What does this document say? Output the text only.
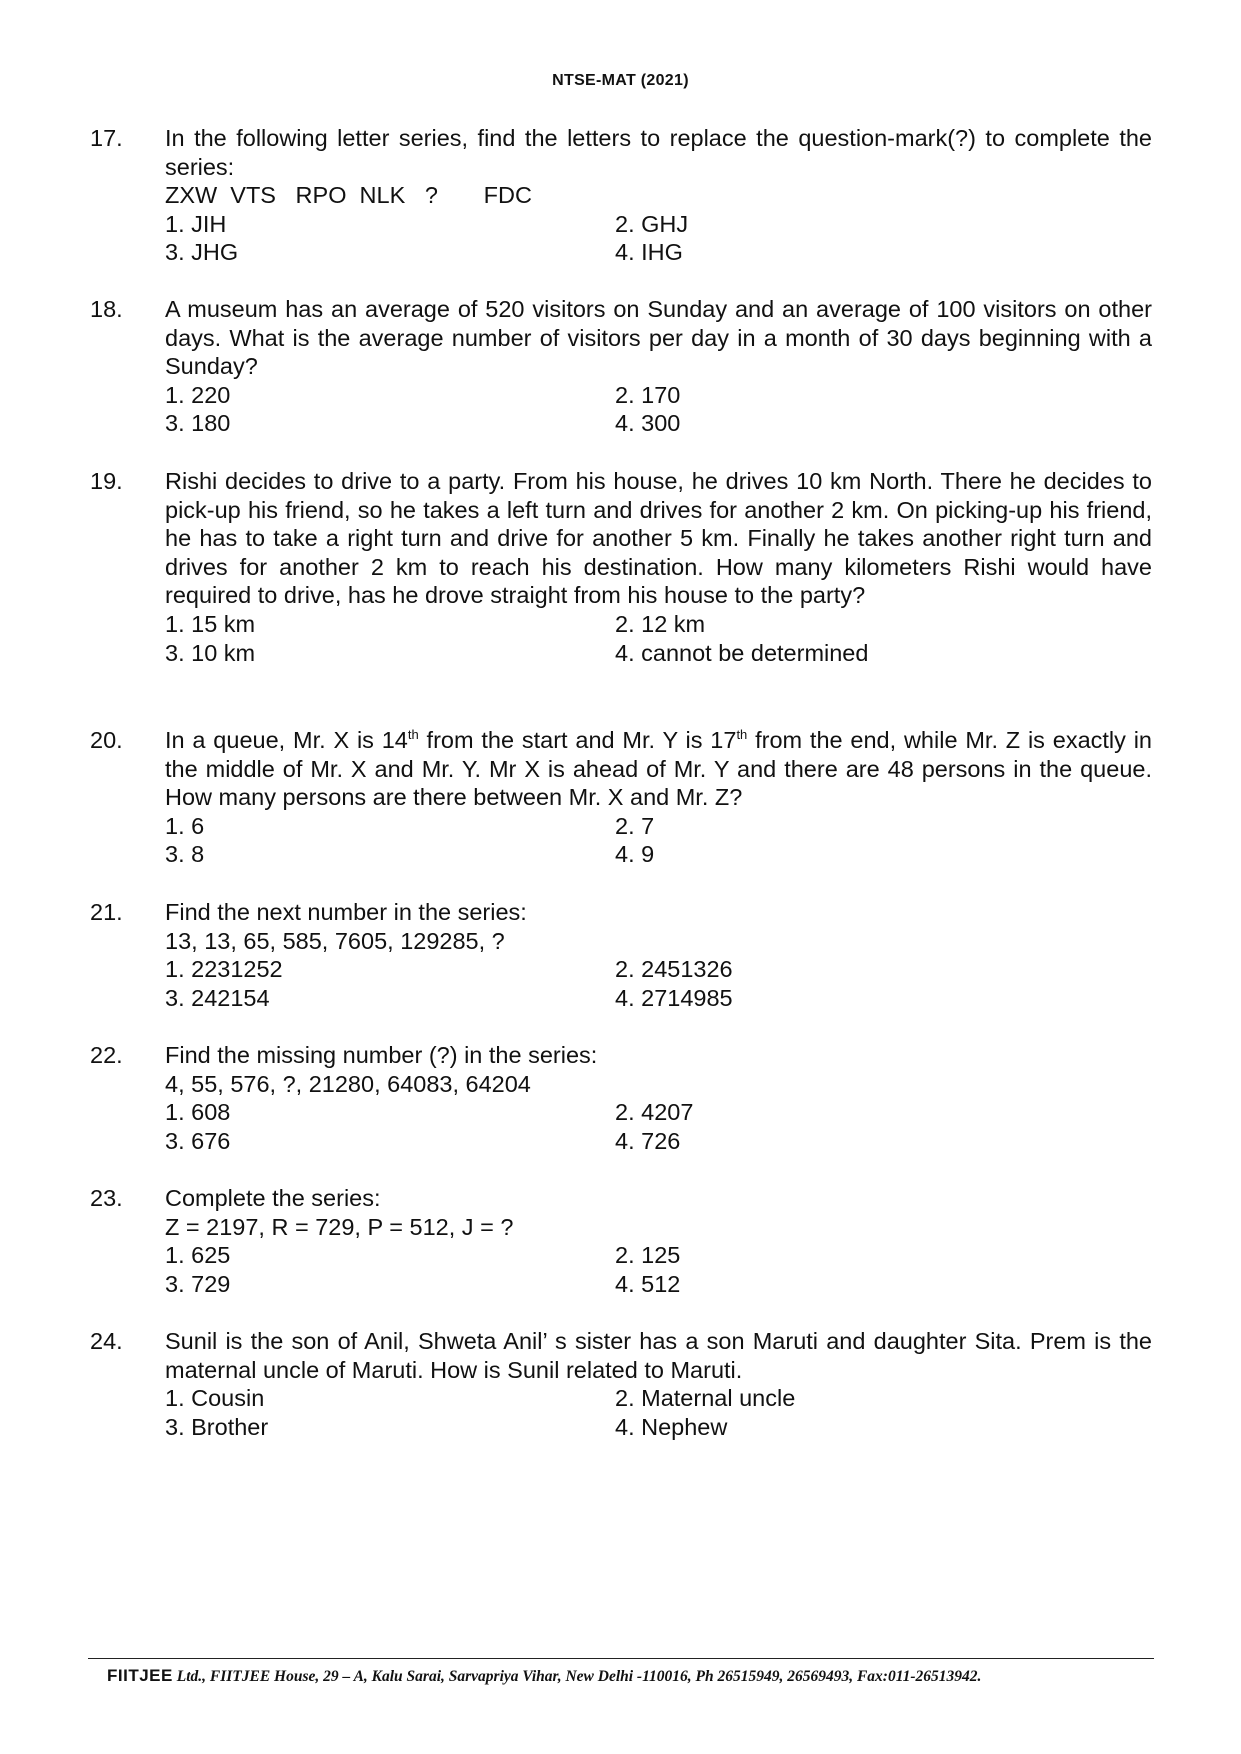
NTSE-MAT (2021)
17. In the following letter series, find the letters to replace the question-mark(?) to complete the series:
ZXW  VTS   RPO  NLK   ?       FDC
1. JIH	2. GHJ
3. JHG	4. IHG
18. A museum has an average of 520 visitors on Sunday and an average of 100 visitors on other days. What is the average number of visitors per day in a month of 30 days beginning with a Sunday?
1. 220	2. 170
3. 180	4. 300
19. Rishi decides to drive to a party. From his house, he drives 10 km North. There he decides to pick-up his friend, so he takes a left turn and drives for another 2 km. On picking-up his friend, he has to take a right turn and drive for another 5 km. Finally he takes another right turn and drives for another 2 km to reach his destination. How many kilometers Rishi would have required to drive, has he drove straight from his house to the party?
1. 15 km	2. 12 km
3. 10 km	4. cannot be determined
20. In a queue, Mr. X is 14th from the start and Mr. Y is 17th from the end, while Mr. Z is exactly in the middle of Mr. X and Mr. Y. Mr X is ahead of Mr. Y and there are 48 persons in the queue. How many persons are there between Mr. X and Mr. Z?
1. 6	2. 7
3. 8	4. 9
21. Find the next number in the series:
13, 13, 65, 585, 7605, 129285, ?
1. 2231252	2. 2451326
3. 242154	4. 2714985
22. Find the missing number (?) in the series:
4, 55, 576, ?, 21280, 64083, 64204
1. 608	2. 4207
3. 676	4. 726
23. Complete the series:
Z = 2197, R = 729, P = 512, J = ?
1. 625	2. 125
3. 729	4. 512
24. Sunil is the son of Anil, Shweta Anil’ s sister has a son Maruti and daughter Sita. Prem is the maternal uncle of Maruti. How is Sunil related to Maruti.
1. Cousin	2. Maternal uncle
3. Brother	4. Nephew
FIITJEE Ltd., FIITJEE House, 29 – A, Kalu Sarai, Sarvapriya Vihar, New Delhi -110016, Ph 26515949, 26569493, Fax:011-26513942.
